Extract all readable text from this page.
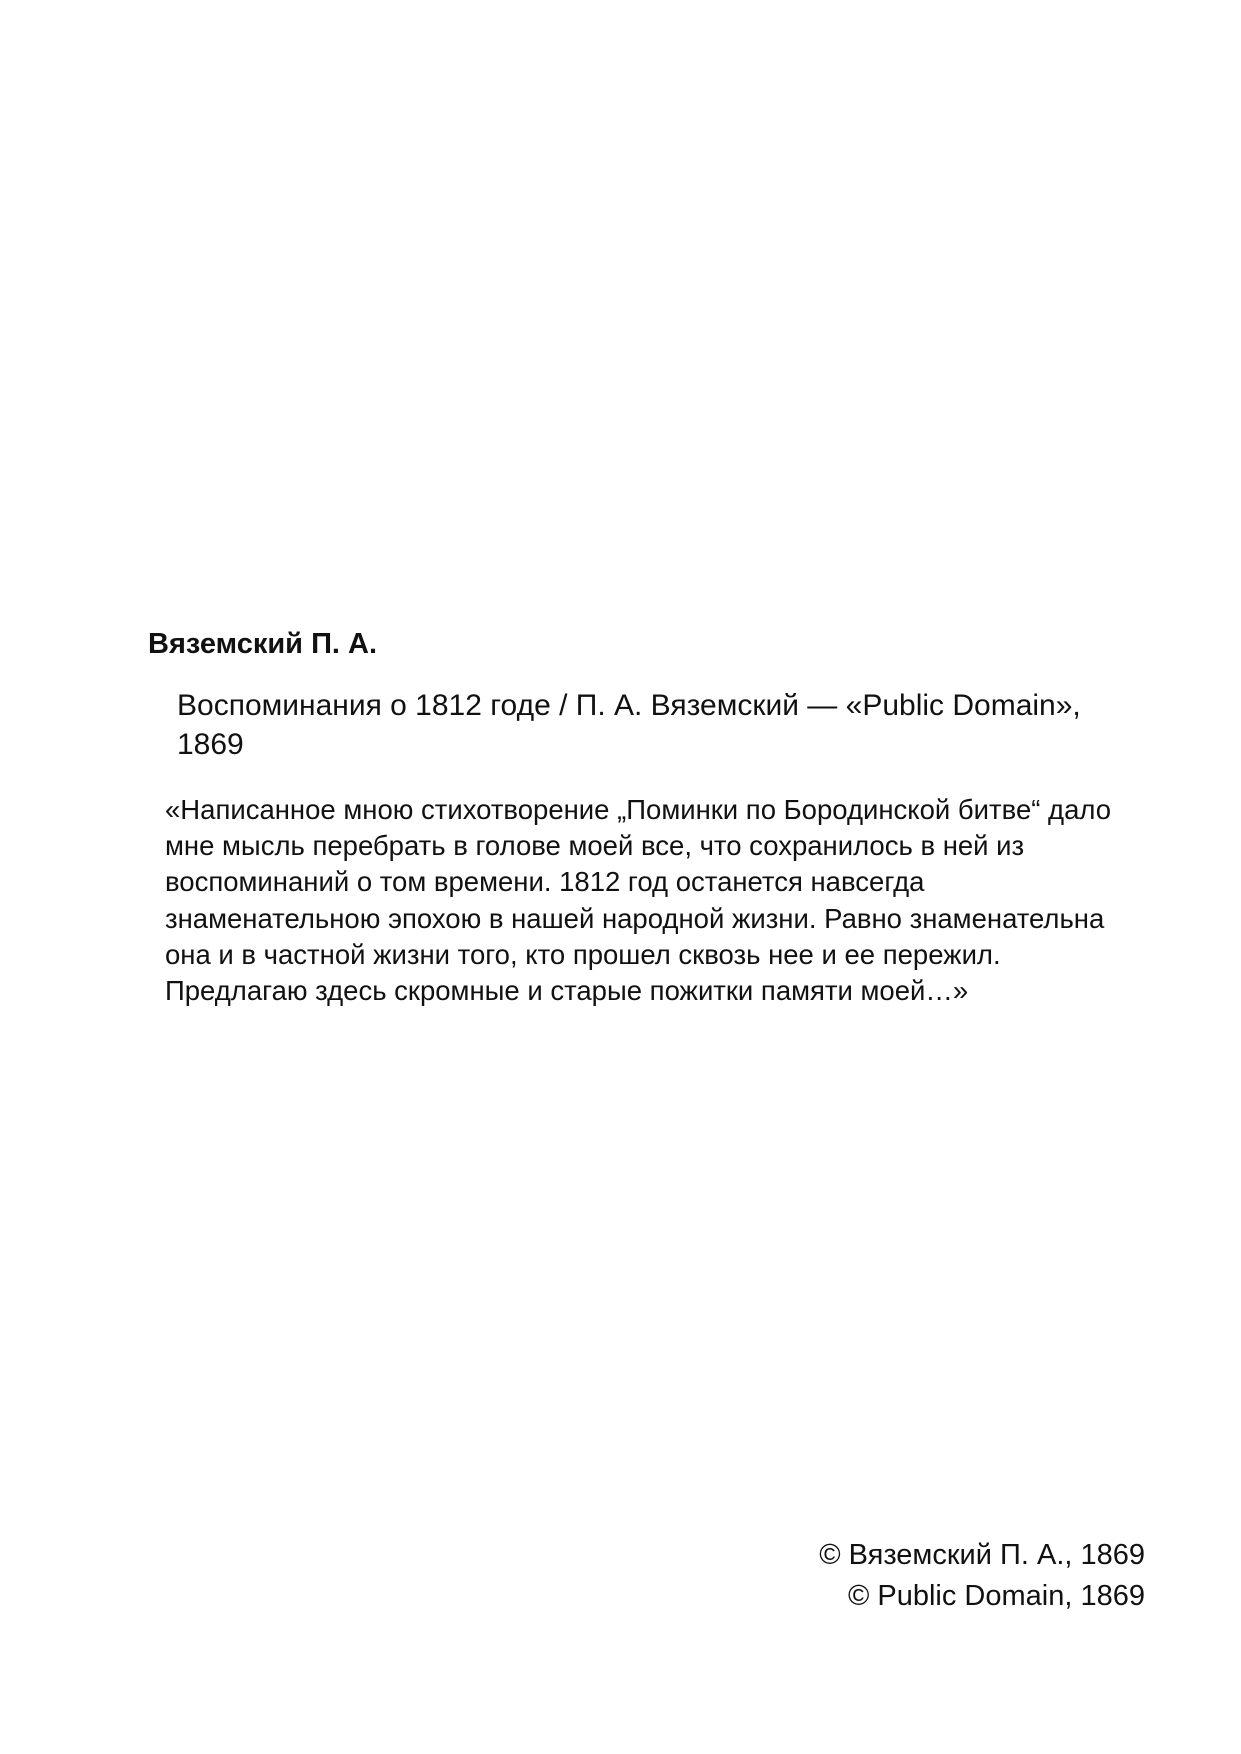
Вяземский П. А.

Воспоминания о 1812 годе / П. А. Вяземский — «Public Domain», 1869

«Написанное мною стихотворение „Поминки по Бородинской битве“ дало мне мысль перебрать в голове моей все, что сохранилось в ней из воспоминаний о том времени. 1812 год останется навсегда знаменательною эпохою в нашей народной жизни. Равно знаменательна она и в частной жизни того, кто прошел сквозь нее и ее пережил. Предлагаю здесь скромные и старые пожитки памяти моей…»

© Вяземский П. А., 1869
© Public Domain, 1869
